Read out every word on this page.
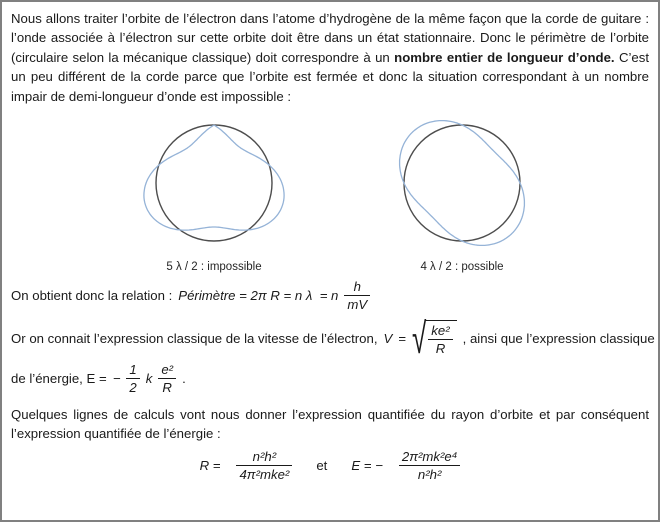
Nous allons traiter l’orbite de l’électron dans l’atome d’hydrogène de la même façon que la corde de guitare : l’onde associée à l’électron sur cette orbite doit être dans un état stationnaire. Donc le périmètre de l’orbite (circulaire selon la mécanique classique) doit correspondre à un nombre entier de longueur d’onde. C’est un peu différent de la corde parce que l’orbite est fermée et donc la situation correspondant à un nombre impair de demi-longueur d’onde est impossible :

5 λ / 2 : impossible	4 λ / 2 : possible
On obtient donc la relation : Périmètre = 2π R = n λ  = n $\frac{h}{mV}$
Or on connait l’expression classique de la vitesse de l’électron, V = √ $\frac{\text{ke²}}{R}$ , ainsi que l’expression classique
de l’énergie, E = − $\frac{1}{2}$ k $\frac{\text{e²}}{R}$ .

Quelques lignes de calculs vont nous donner l’expression quantifiée du rayon d’orbite et par conséquent l’expression quantifiée de l’énergie :

$R = \frac{\text{n²h²}}{\text{4π²mke²}}$	et	E = − $\frac{\text{2π²mk²e⁴}}{\text{n²h²}}$
